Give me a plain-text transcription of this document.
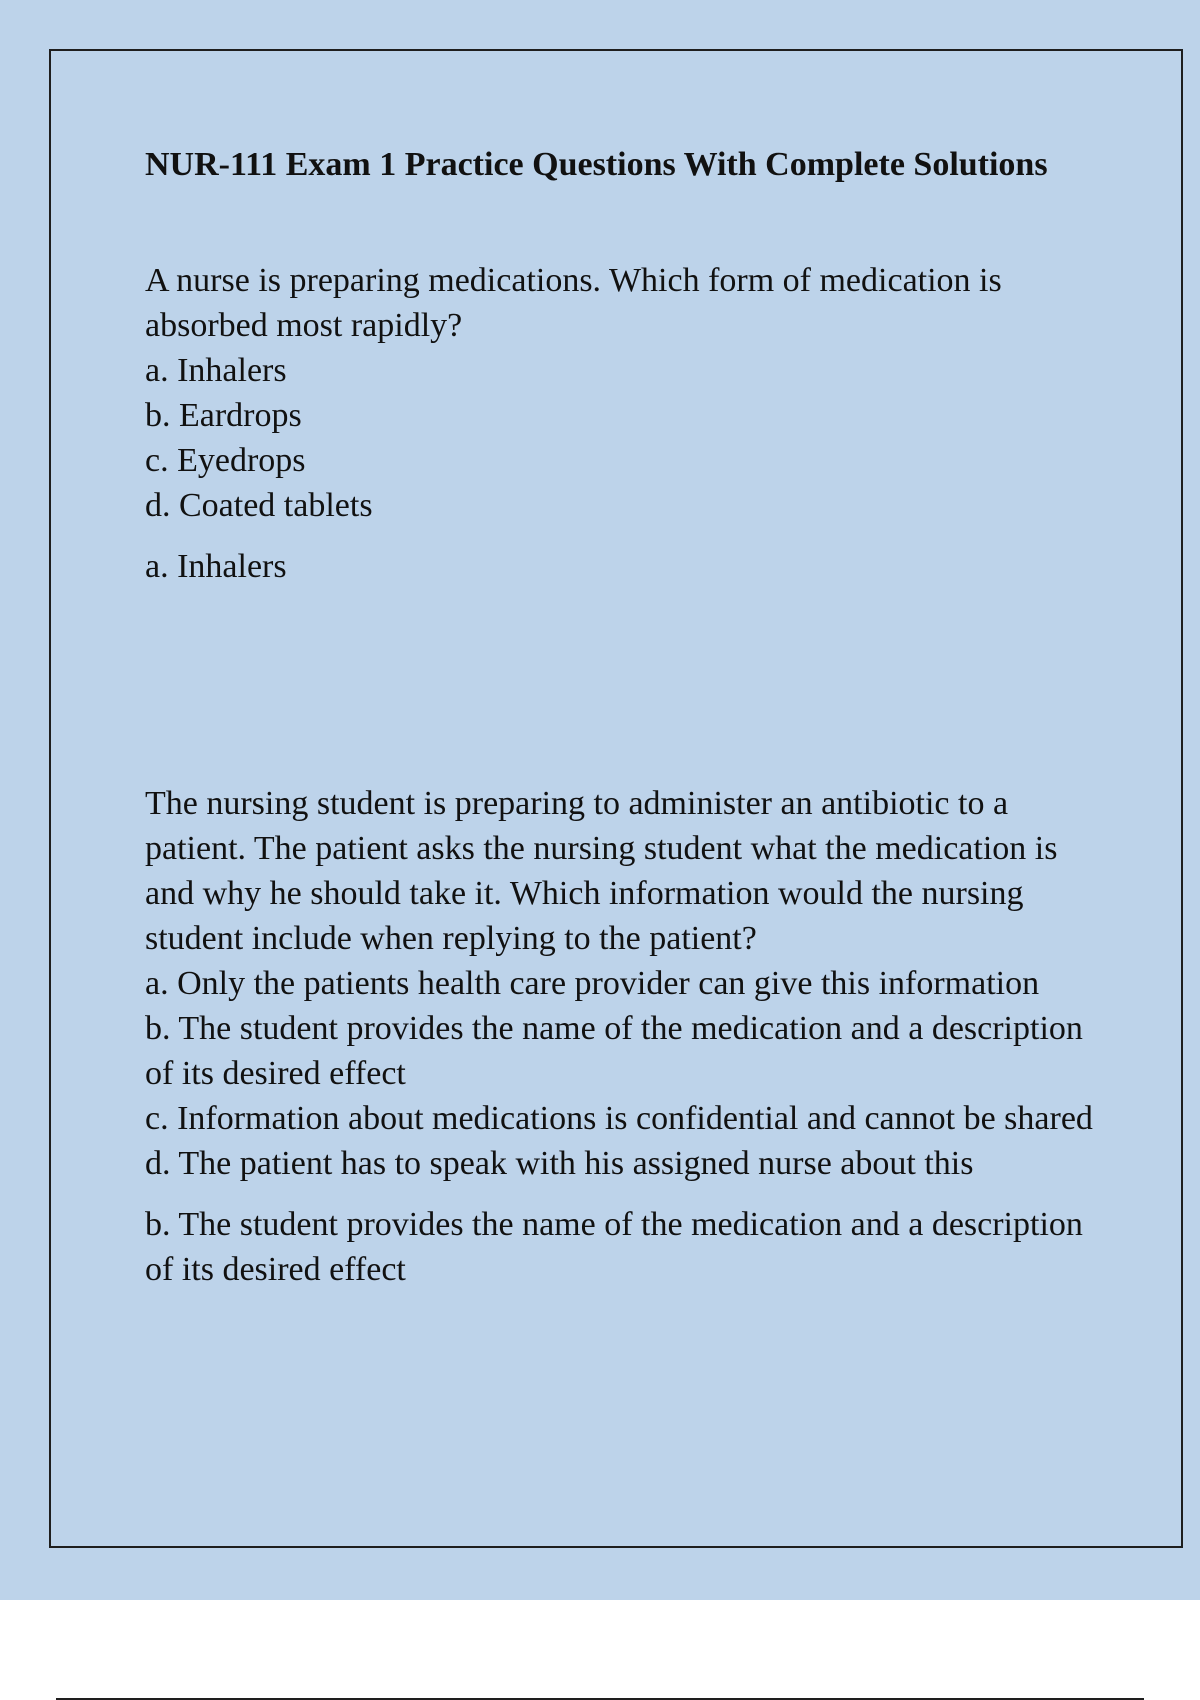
NUR-111 Exam 1 Practice Questions With Complete Solutions

A nurse is preparing medications. Which form of medication is absorbed most rapidly?

a. Inhalers

b. Eardrops

c. Eyedrops

d. Coated tablets

a. Inhalers

The nursing student is preparing to administer an antibiotic to a patient. The patient asks the nursing student what the medication is and why he should take it. Which information would the nursing student include when replying to the patient?

a. Only the patients health care provider can give this information

b. The student provides the name of the medication and a description of its desired effect

c. Information about medications is confidential and cannot be shared

d. The patient has to speak with his assigned nurse about this

b. The student provides the name of the medication and a description of its desired effect
